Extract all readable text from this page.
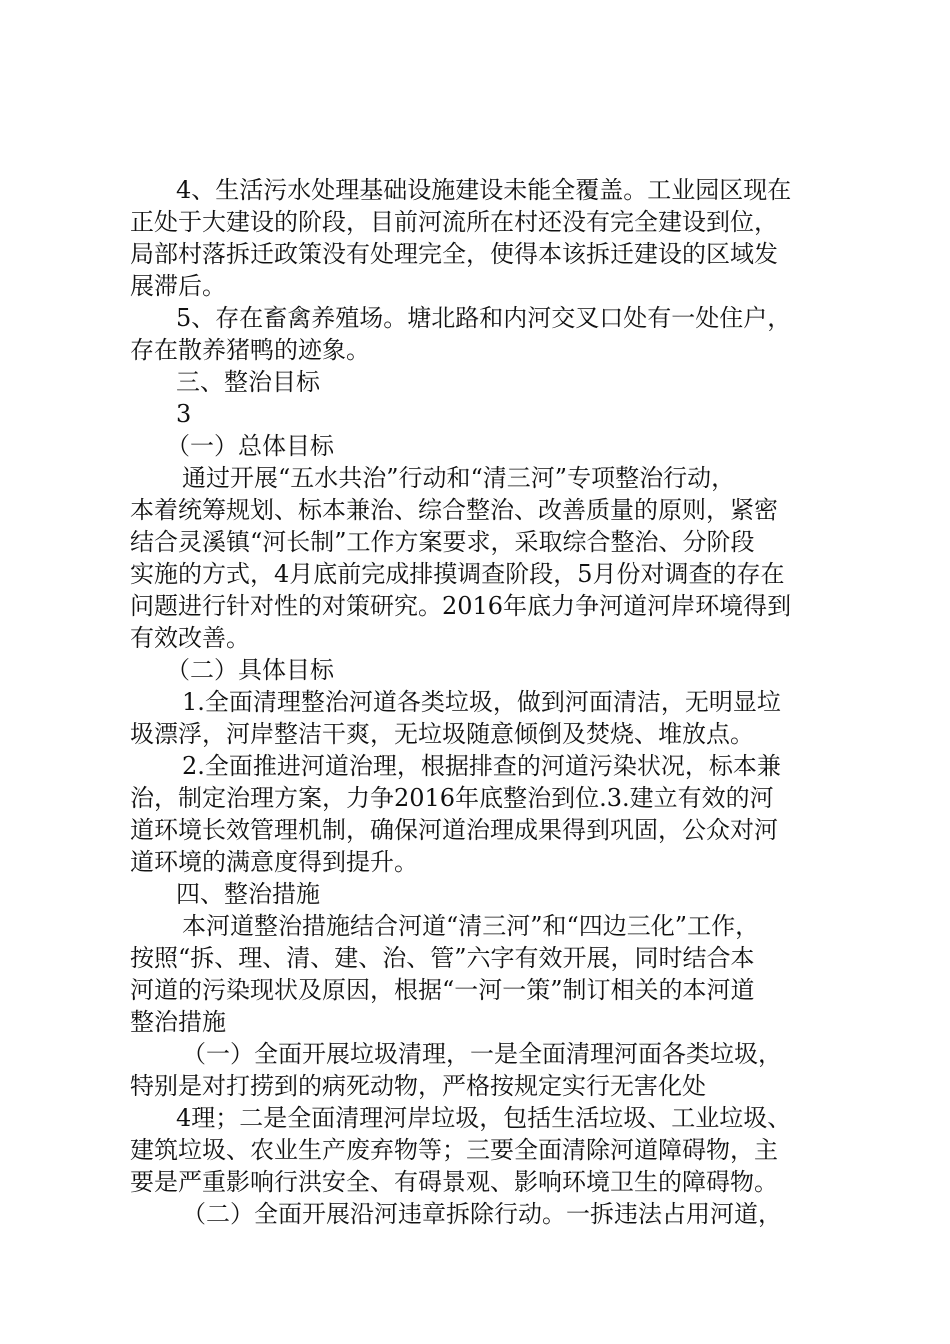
4、生活污水处理基础设施建设未能全覆盖。工业园区现在
正处于大建设的阶段，目前河流所在村还没有完全建设到位，
局部村落拆迁政策没有处理完全，使得本该拆迁建设的区域发
展滞后。
5、存在畜禽养殖场。塘北路和内河交叉口处有一处住户，
存在散养猪鸭的迹象。
三、整治目标
3
（一）总体目标
通过开展“五水共治”行动和“清三河”专项整治行动，
本着统筹规划、标本兼治、综合整治、改善质量的原则，紧密
结合灵溪镇“河长制”工作方案要求，采取综合整治、分阶段
实施的方式，4月底前完成排摸调查阶段，5月份对调查的存在
问题进行针对性的对策研究。2016年底力争河道河岸环境得到
有效改善。
（二）具体目标
1.全面清理整治河道各类垃圾，做到河面清洁，无明显垃
圾漂浮，河岸整洁干爽，无垃圾随意倾倒及焚烧、堆放点。
2.全面推进河道治理，根据排查的河道污染状况，标本兼
治，制定治理方案，力争2016年底整治到位.3.建立有效的河
道环境长效管理机制，确保河道治理成果得到巩固，公众对河
道环境的满意度得到提升。
四、整治措施
本河道整治措施结合河道“清三河”和“四边三化”工作，
按照“拆、理、清、建、治、管”六字有效开展，同时结合本
河道的污染现状及原因，根据“一河一策”制订相关的本河道
整治措施
（一）全面开展垃圾清理，一是全面清理河面各类垃圾，
特别是对打捞到的病死动物，严格按规定实行无害化处
4理；二是全面清理河岸垃圾，包括生活垃圾、工业垃圾、
建筑垃圾、农业生产废弃物等；三要全面清除河道障碍物，主
要是严重影响行洪安全、有碍景观、影响环境卫生的障碍物。
（二）全面开展沿河违章拆除行动。一拆违法占用河道，
